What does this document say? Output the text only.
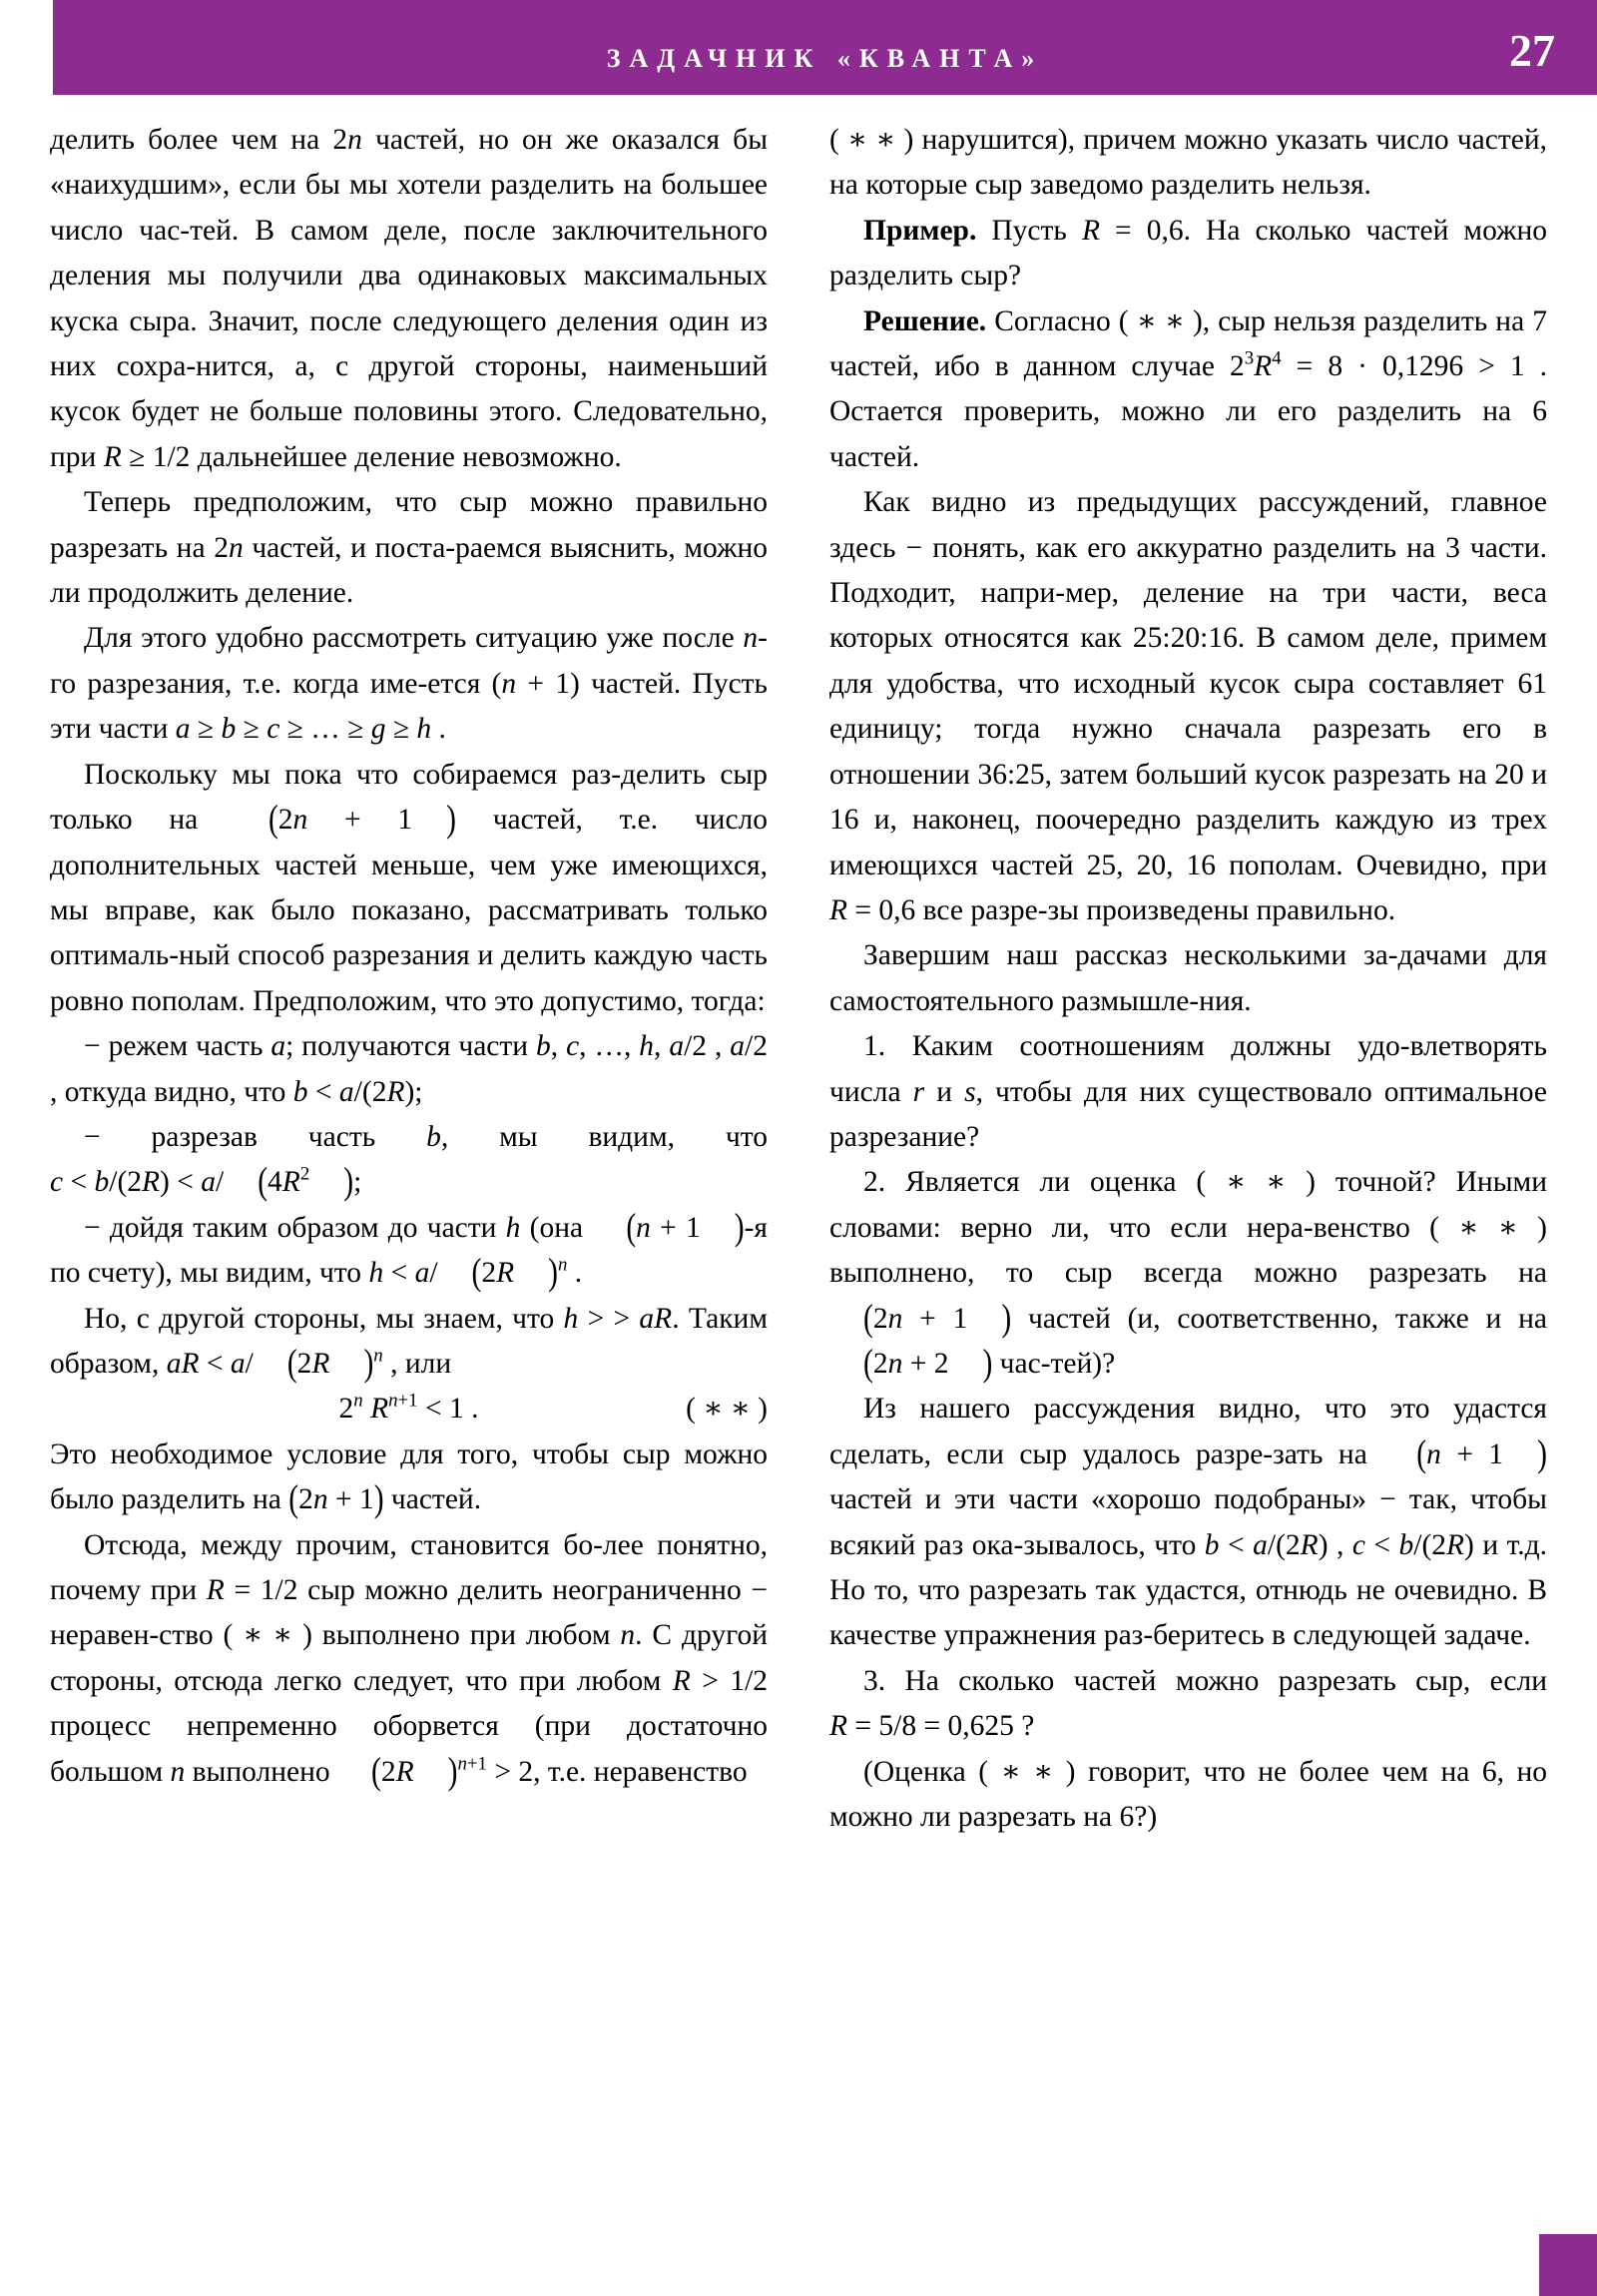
ЗАДАЧНИК «КВАНТА»	27

делить более чем на 2n частей, но он же оказался бы «наихудшим», если бы мы хотели разделить на большее число час‑тей. В самом деле, после заключительного деления мы получили два одинаковых максимальных куска сыра. Значит, после следующего деления один из них сохра‑нится, а, с другой стороны, наименьший кусок будет не больше половины этого. Следовательно, при R ≥ 1/2 дальнейшее деление невозможно.

Теперь предположим, что сыр можно правильно разрезать на 2n частей, и поста‑раемся выяснить, можно ли продолжить деление.

Для этого удобно рассмотреть ситуацию уже после n-го разрезания, т.е. когда име‑ется (n + 1) частей. Пусть эти части a ≥ b ≥ c ≥ … ≥ g ≥ h .

Поскольку мы пока что собираемся раз‑делить сыр только на (2n + 1 ) частей, т.е. число дополнительных частей меньше, чем уже имеющихся, мы вправе, как было показано, рассматривать только оптималь‑ный способ разрезания и делить каждую часть ровно пополам. Предположим, что это допустимо, тогда:

− режем часть a; получаются части b, c, …, h, a/2 , a/2 , откуда видно, что b < a/(2R);

− разрезав часть b, мы видим, что c < b/(2R) < a/ ($4R^2$ );

− дойдя таким образом до части h (она (n + 1 )-я по счету), мы видим, что h < a/ (2R )$^n$ .

Но, с другой стороны, мы знаем, что h > > aR. Таким образом, aR < a/ (2R )$^n$ , или

2$^n$ $R^{n+1} < 1$ .	( ∗ ∗ )

Это необходимое условие для того, чтобы сыр можно было разделить на (2n + 1) частей.

Отсюда, между прочим, становится бо‑лее понятно, почему при R = 1/2 сыр можно делить неограниченно − неравен‑ство ( ∗ ∗ ) выполнено при любом n. С другой стороны, отсюда легко следует, что при любом R > 1/2 процесс непременно оборвется (при достаточно большом n выполнено (2R )$^{n+1}$ > 2, т.е. неравенство

( ∗ ∗ ) нарушится), причем можно указать число частей, на которые сыр заведомо разделить нельзя.

Пример. Пусть R = 0,6. На сколько частей можно разделить сыр?

Решение. Согласно ( ∗ ∗ ), сыр нельзя разделить на 7 частей, ибо в данном случае $2^3R^4 = 8 \cdot 0,1296 > 1$ . Остается проверить, можно ли его разделить на 6 частей.

Как видно из предыдущих рассуждений, главное здесь − понять, как его аккуратно разделить на 3 части. Подходит, напри‑мер, деление на три части, веса которых относятся как 25:20:16. В самом деле, примем для удобства, что исходный кусок сыра составляет 61 единицу; тогда нужно сначала разрезать его в отношении 36:25, затем больший кусок разрезать на 20 и 16 и, наконец, поочередно разделить каждую из трех имеющихся частей 25, 20, 16 пополам. Очевидно, при R = 0,6 все разре‑зы произведены правильно.

Завершим наш рассказ несколькими за‑дачами для самостоятельного размышле‑ния.

1. Каким соотношениям должны удо‑влетворять числа r и s, чтобы для них существовало оптимальное разрезание?

2. Является ли оценка ( ∗ ∗ ) точной? Иными словами: верно ли, что если нера‑венство ( ∗ ∗ ) выполнено, то сыр всегда можно разрезать на (2n + 1 ) частей (и, соответственно, также и на (2n + 2 ) час‑тей)?

Из нашего рассуждения видно, что это удастся сделать, если сыр удалось разре‑зать на (n + 1 ) частей и эти части «хорошо подобраны» − так, чтобы всякий раз ока‑зывалось, что b < a/(2R) , c < b/(2R) и т.д. Но то, что разрезать так удастся, отнюдь не очевидно. В качестве упражнения раз‑беритесь в следующей задаче.

3. На сколько частей можно разрезать сыр, если R = 5/8 = 0,625 ?

(Оценка ( ∗ ∗ ) говорит, что не более чем на 6, но можно ли разрезать на 6?)
